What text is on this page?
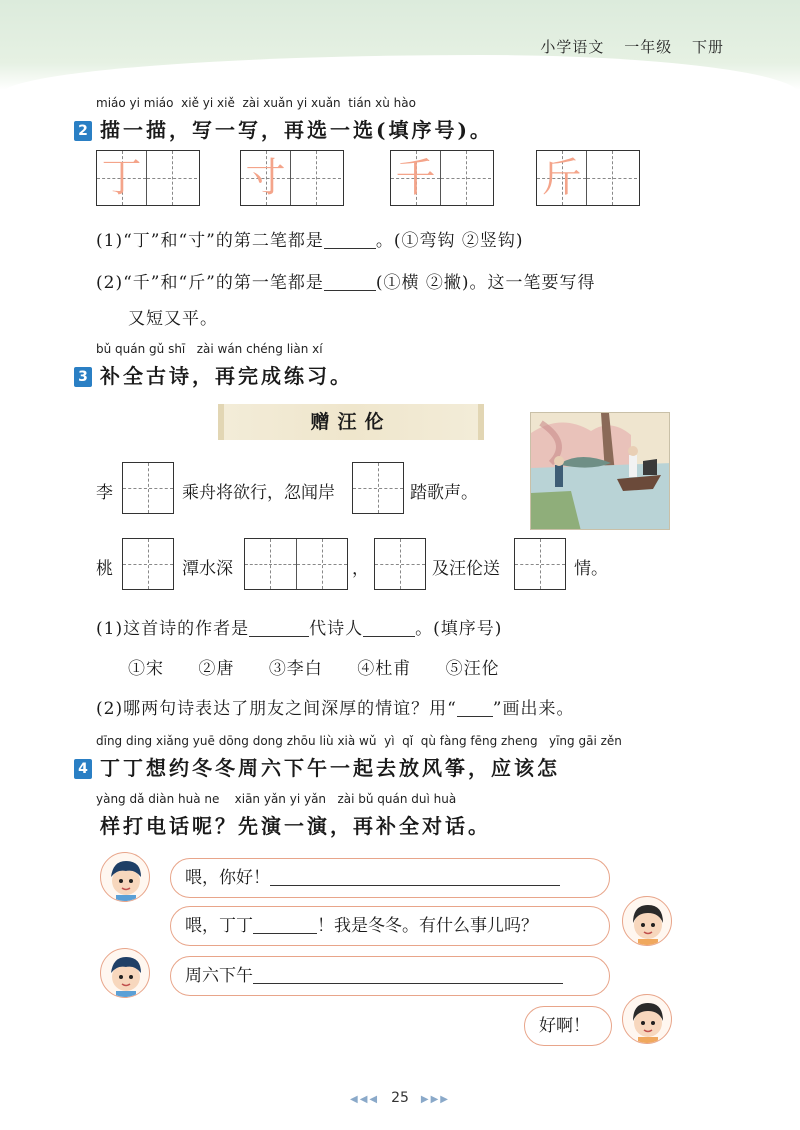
小学语文 一年级 下册
miáo yi miáo  xiě yi xiě  zài xuǎn yi xuǎn  tián xù hào
2 描一描，写一写，再选一选(填序号)。
丁	寸	千	斤
(1)“丁”和“寸”的第二笔都是	。(①弯钩 ②竖钩)
(2)“千”和“斤”的第一笔都是	(①横 ②撇)。这一笔要写得
又短又平。
bǔ quán gǔ shī   zài wán chéng liàn xí
3 补全古诗，再完成练习。
赠汪伦
李	乘舟将欲行，忽闻岸	踏歌声。
桃	潭水深	，	及汪伦送	情。
(1)这首诗的作者是	代诗人	。(填序号)
①宋 ②唐 ③李白 ④杜甫 ⑤汪伦
(2)哪两句诗表达了朋友之间深厚的情谊？用“ ”画出来。
dīng ding xiǎng yuē dōng dong zhōu liù xià wǔ  yì  qǐ  qù fàng fēng zheng   yīng gāi zěn
4 丁丁想约冬冬周六下午一起去放风筝，应该怎
yàng dǎ diàn huà ne    xiān yǎn yi yǎn   zài bǔ quán duì huà
样打电话呢？先演一演，再补全对话。
喂，你好！
喂，丁丁	！我是冬冬。有什么事儿吗？
周六下午
好啊！
◀◀◀ 25 ▶▶▶
